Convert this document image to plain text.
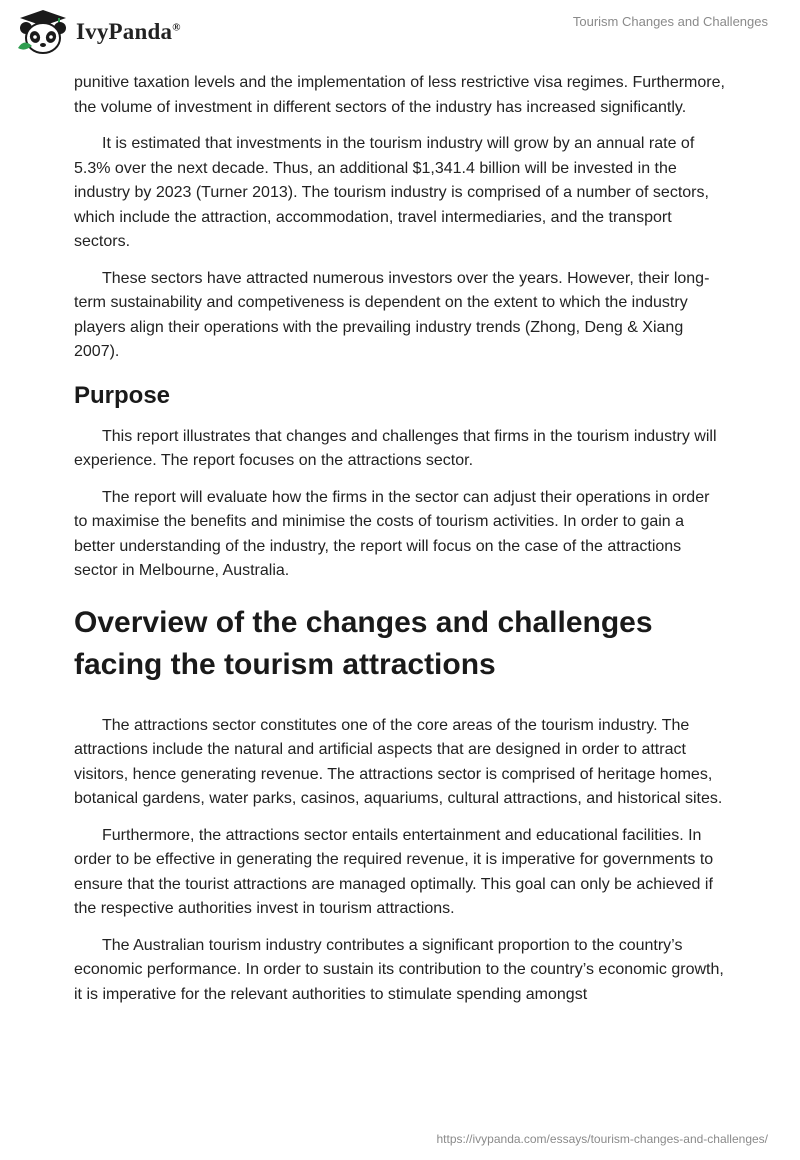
IvyPanda®	Tourism Changes and Challenges

punitive taxation levels and the implementation of less restrictive visa regimes. Furthermore, the volume of investment in different sectors of the industry has increased significantly.

It is estimated that investments in the tourism industry will grow by an annual rate of 5.3% over the next decade. Thus, an additional $1,341.4 billion will be invested in the industry by 2023 (Turner 2013). The tourism industry is comprised of a number of sectors, which include the attraction, accommodation, travel intermediaries, and the transport sectors.

These sectors have attracted numerous investors over the years. However, their long-term sustainability and competiveness is dependent on the extent to which the industry players align their operations with the prevailing industry trends (Zhong, Deng & Xiang 2007).

Purpose

This report illustrates that changes and challenges that firms in the tourism industry will experience. The report focuses on the attractions sector.

The report will evaluate how the firms in the sector can adjust their operations in order to maximise the benefits and minimise the costs of tourism activities. In order to gain a better understanding of the industry, the report will focus on the case of the attractions sector in Melbourne, Australia.

Overview of the changes and challenges facing the tourism attractions

The attractions sector constitutes one of the core areas of the tourism industry. The attractions include the natural and artificial aspects that are designed in order to attract visitors, hence generating revenue. The attractions sector is comprised of heritage homes, botanical gardens, water parks, casinos, aquariums, cultural attractions, and historical sites.

Furthermore, the attractions sector entails entertainment and educational facilities. In order to be effective in generating the required revenue, it is imperative for governments to ensure that the tourist attractions are managed optimally. This goal can only be achieved if the respective authorities invest in tourism attractions.

The Australian tourism industry contributes a significant proportion to the country’s economic performance. In order to sustain its contribution to the country’s economic growth, it is imperative for the relevant authorities to stimulate spending amongst

https://ivypanda.com/essays/tourism-changes-and-challenges/
